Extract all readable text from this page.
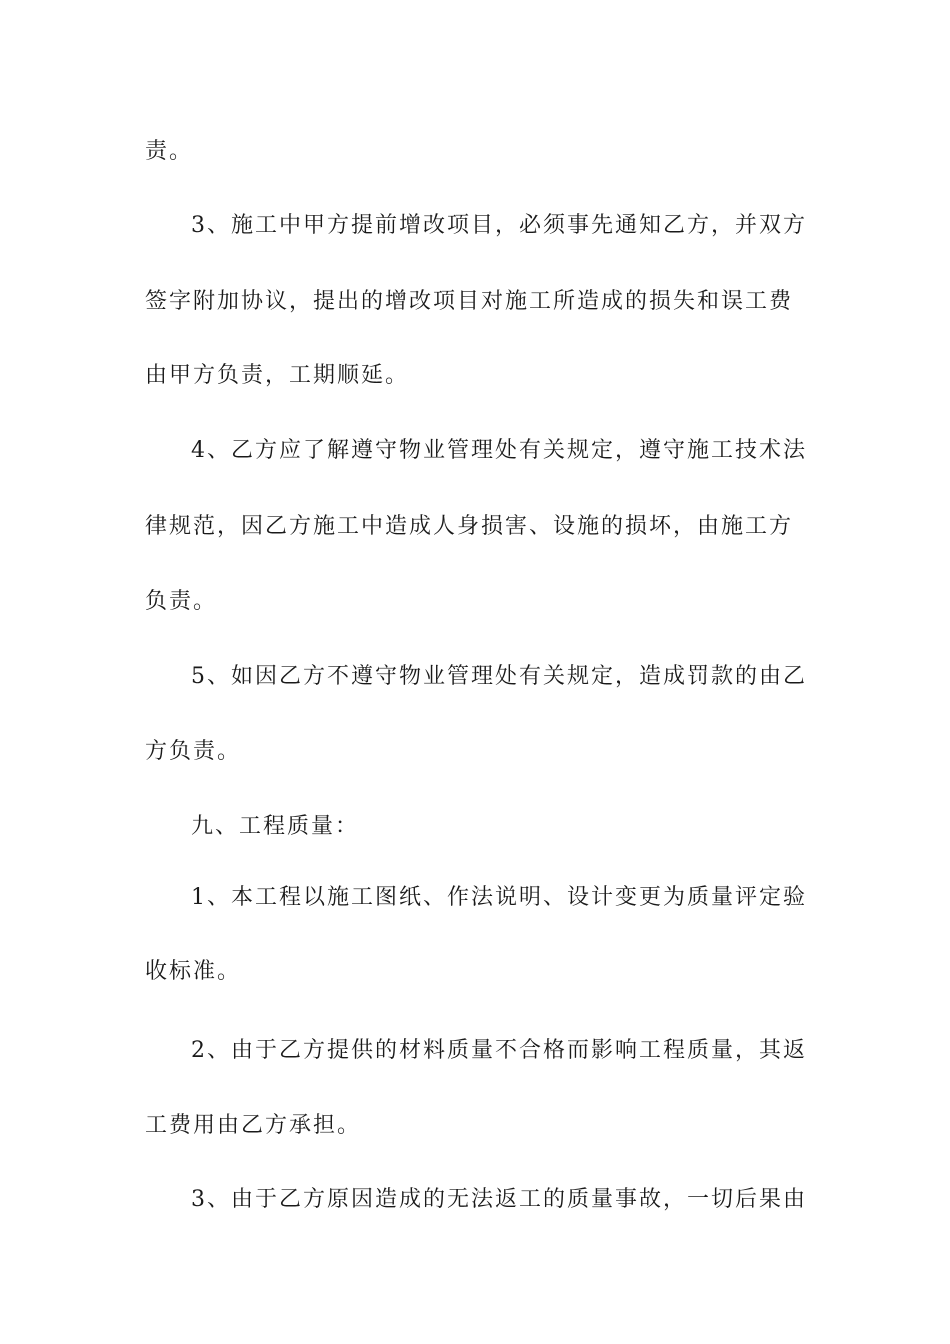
责。
3、施工中甲方提前增改项目，必须事先通知乙方，并双方
签字附加协议，提出的增改项目对施工所造成的损失和误工费
由甲方负责，工期顺延。
4、乙方应了解遵守物业管理处有关规定，遵守施工技术法
律规范，因乙方施工中造成人身损害、设施的损坏，由施工方
负责。
5、如因乙方不遵守物业管理处有关规定，造成罚款的由乙
方负责。
九、工程质量：
1、本工程以施工图纸、作法说明、设计变更为质量评定验
收标准。
2、由于乙方提供的材料质量不合格而影响工程质量，其返
工费用由乙方承担。
3、由于乙方原因造成的无法返工的质量事故，一切后果由
